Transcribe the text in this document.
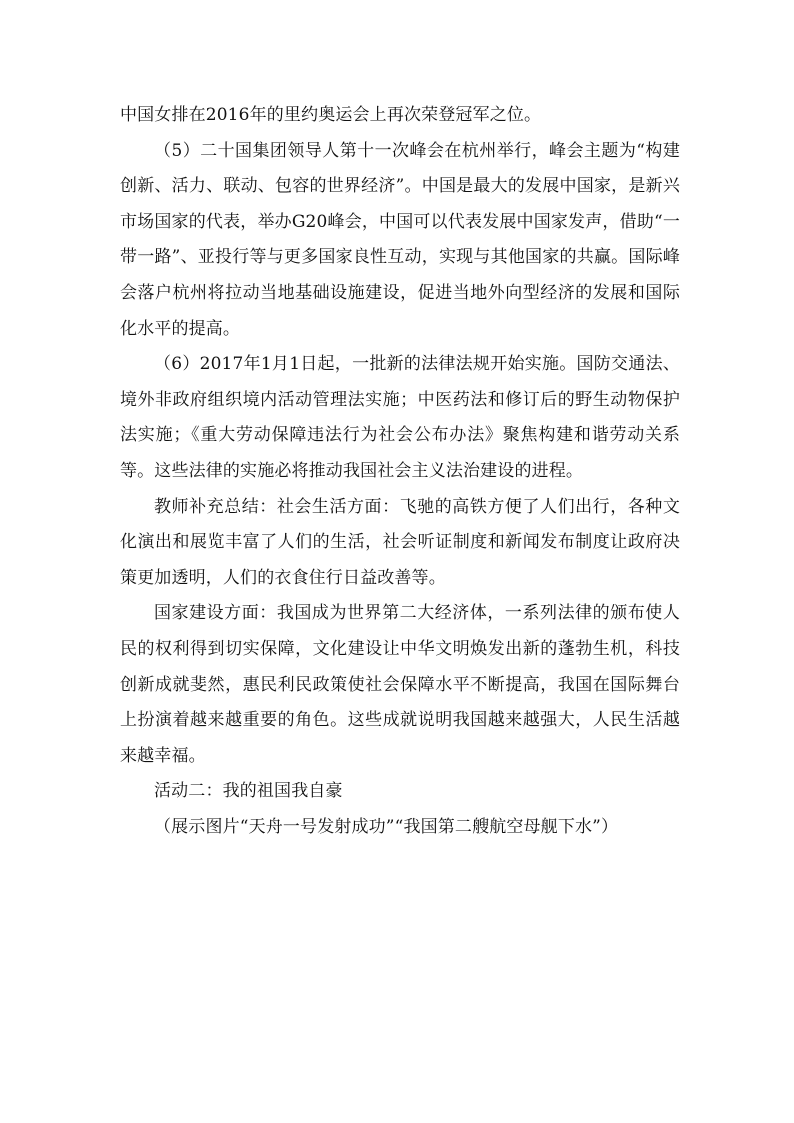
中国女排在2016年的里约奥运会上再次荣登冠军之位。

（5）二十国集团领导人第十一次峰会在杭州举行，峰会主题为“构建创新、活力、联动、包容的世界经济”。中国是最大的发展中国家，是新兴市场国家的代表，举办G20峰会，中国可以代表发展中国家发声，借助“一带一路”、亚投行等与更多国家良性互动，实现与其他国家的共赢。国际峰会落户杭州将拉动当地基础设施建设，促进当地外向型经济的发展和国际化水平的提高。

（6）2017年1月1日起，一批新的法律法规开始实施。国防交通法、境外非政府组织境内活动管理法实施；中医药法和修订后的野生动物保护法实施；《重大劳动保障违法行为社会公布办法》聚焦构建和谐劳动关系等。这些法律的实施必将推动我国社会主义法治建设的进程。

教师补充总结：社会生活方面：飞驰的高铁方便了人们出行，各种文化演出和展览丰富了人们的生活，社会听证制度和新闻发布制度让政府决策更加透明，人们的衣食住行日益改善等。

国家建设方面：我国成为世界第二大经济体，一系列法律的颁布使人民的权利得到切实保障，文化建设让中华文明焕发出新的蓬勃生机，科技创新成就斐然，惠民利民政策使社会保障水平不断提高，我国在国际舞台上扮演着越来越重要的角色。这些成就说明我国越来越强大，人民生活越来越幸福。

活动二：我的祖国我自豪

（展示图片“天舟一号发射成功”“我国第二艘航空母舰下水”）
